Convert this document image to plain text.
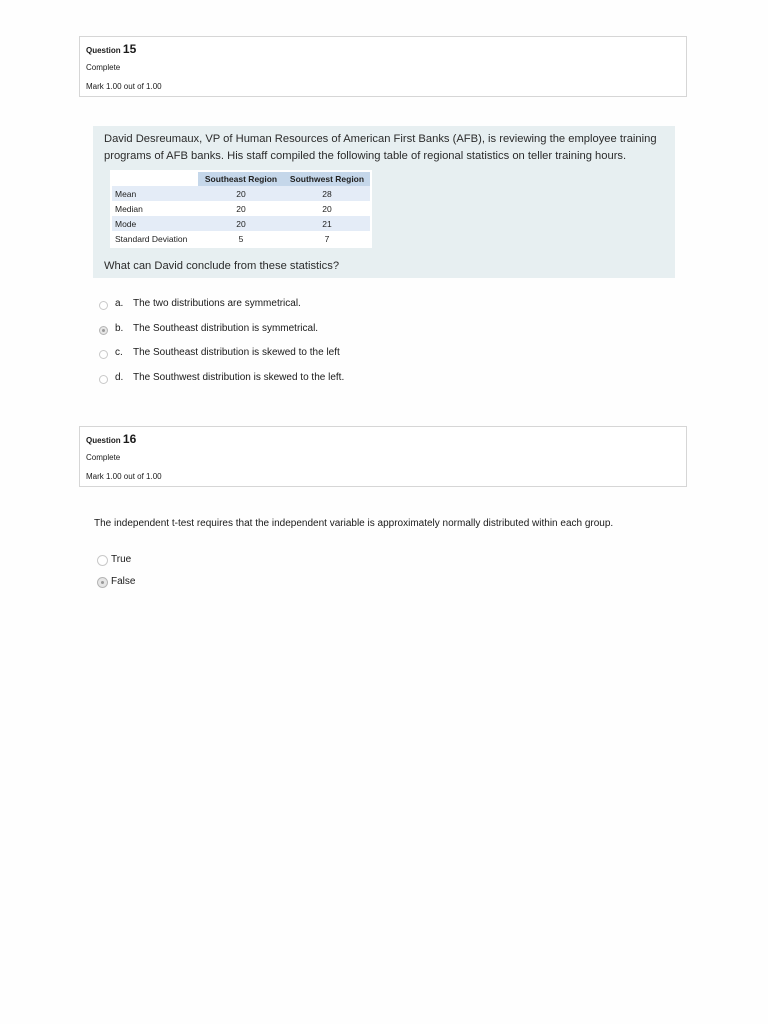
Question 15
Complete
Mark 1.00 out of 1.00
David Desreumaux, VP of Human Resources of American First Banks (AFB), is reviewing the employee training programs of AFB banks. His staff compiled the following table of regional statistics on teller training hours.
	Southeast Region	Southwest Region
Mean	20	28
Median	20	20
Mode	20	21
Standard Deviation	5	7
What can David conclude from these statistics?
a. The two distributions are symmetrical.
b. The Southeast distribution is symmetrical.
c. The Southeast distribution is skewed to the left
d. The Southwest distribution is skewed to the left.
Question 16
Complete
Mark 1.00 out of 1.00
The independent t-test requires that the independent variable is approximately normally distributed within each group.
True
False
